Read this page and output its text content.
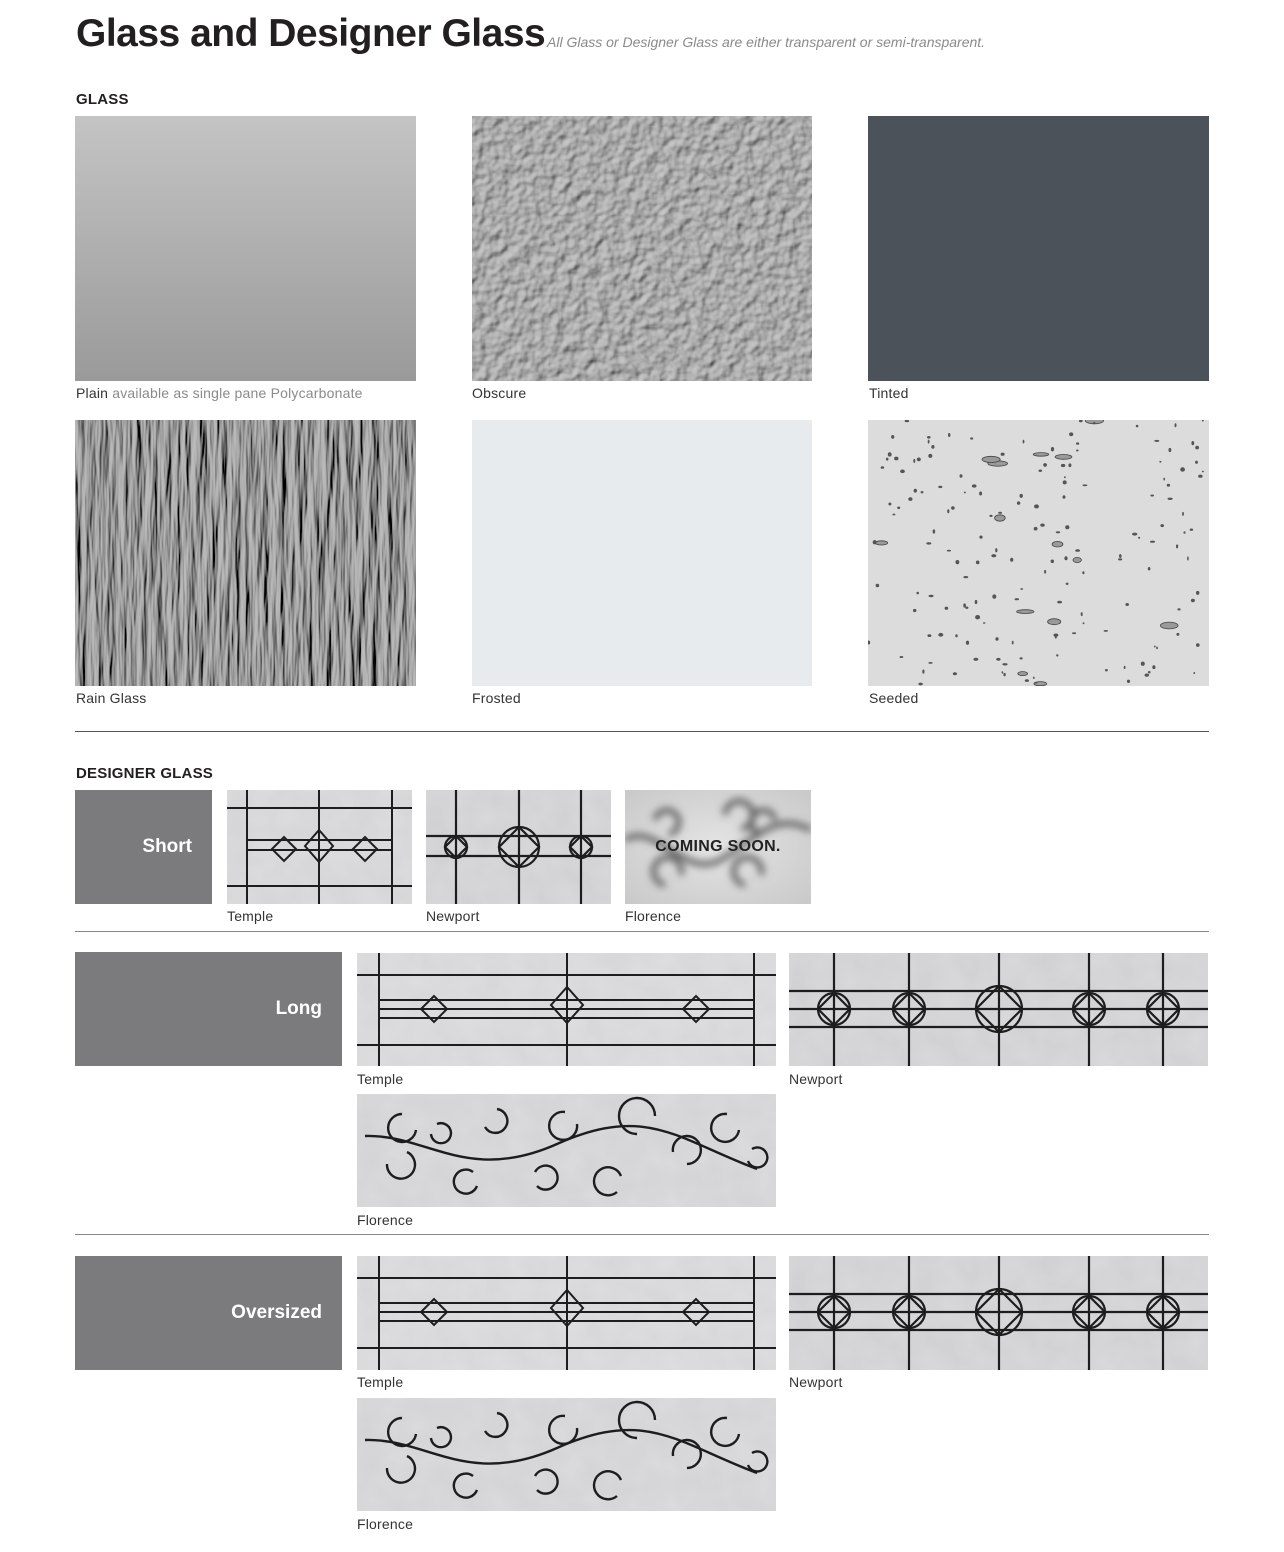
Glass and Designer Glass All Glass or Designer Glass are either transparent or semi-transparent.
GLASS
Plain available as single pane Polycarbonate	Obscure	Tinted
Rain Glass	Frosted	Seeded
DESIGNER GLASS
Short
Temple	Newport
COMING SOON.
Florence
Long
Temple	Newport
Florence
Oversized
Temple	Newport
Florence
